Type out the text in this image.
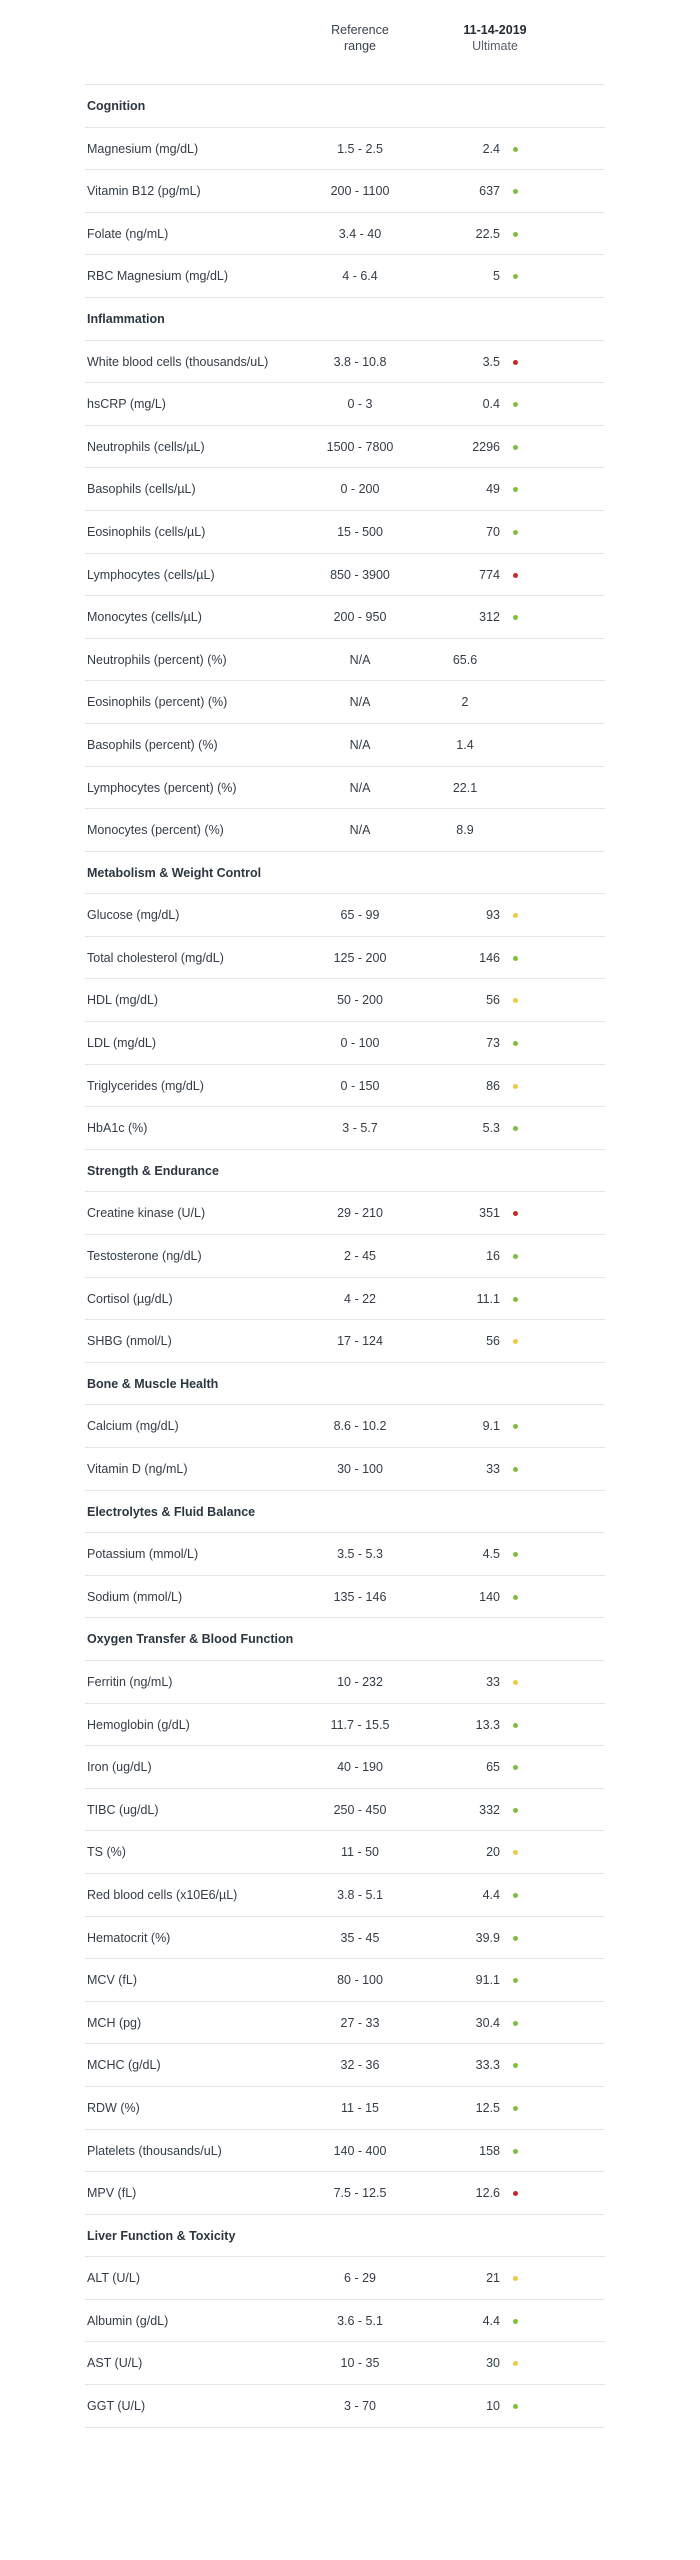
Reference
range
11-14-2019
Ultimate
Cognition
Magnesium (mg/dL)	1.5 - 2.5	2.4
Vitamin B12 (pg/mL)	200 - 1100	637
Folate (ng/mL)	3.4 - 40	22.5
RBC Magnesium (mg/dL)	4 - 6.4	5
Inflammation
White blood cells (thousands/uL)	3.8 - 10.8	3.5
hsCRP (mg/L)	0 - 3	0.4
Neutrophils (cells/µL)	1500 - 7800	2296
Basophils (cells/µL)	0 - 200	49
Eosinophils (cells/µL)	15 - 500	70
Lymphocytes (cells/µL)	850 - 3900	774
Monocytes (cells/µL)	200 - 950	312
Neutrophils (percent) (%)	N/A	65.6
Eosinophils (percent) (%)	N/A	2
Basophils (percent) (%)	N/A	1.4
Lymphocytes (percent) (%)	N/A	22.1
Monocytes (percent) (%)	N/A	8.9
Metabolism & Weight Control
Glucose (mg/dL)	65 - 99	93
Total cholesterol (mg/dL)	125 - 200	146
HDL (mg/dL)	50 - 200	56
LDL (mg/dL)	0 - 100	73
Triglycerides (mg/dL)	0 - 150	86
HbA1c (%)	3 - 5.7	5.3
Strength & Endurance
Creatine kinase (U/L)	29 - 210	351
Testosterone (ng/dL)	2 - 45	16
Cortisol (µg/dL)	4 - 22	11.1
SHBG (nmol/L)	17 - 124	56
Bone & Muscle Health
Calcium (mg/dL)	8.6 - 10.2	9.1
Vitamin D (ng/mL)	30 - 100	33
Electrolytes & Fluid Balance
Potassium (mmol/L)	3.5 - 5.3	4.5
Sodium (mmol/L)	135 - 146	140
Oxygen Transfer & Blood Function
Ferritin (ng/mL)	10 - 232	33
Hemoglobin (g/dL)	11.7 - 15.5	13.3
Iron (ug/dL)	40 - 190	65
TIBC (ug/dL)	250 - 450	332
TS (%)	11 - 50	20
Red blood cells (x10E6/µL)	3.8 - 5.1	4.4
Hematocrit (%)	35 - 45	39.9
MCV (fL)	80 - 100	91.1
MCH (pg)	27 - 33	30.4
MCHC (g/dL)	32 - 36	33.3
RDW (%)	11 - 15	12.5
Platelets (thousands/uL)	140 - 400	158
MPV (fL)	7.5 - 12.5	12.6
Liver Function & Toxicity
ALT (U/L)	6 - 29	21
Albumin (g/dL)	3.6 - 5.1	4.4
AST (U/L)	10 - 35	30
GGT (U/L)	3 - 70	10
